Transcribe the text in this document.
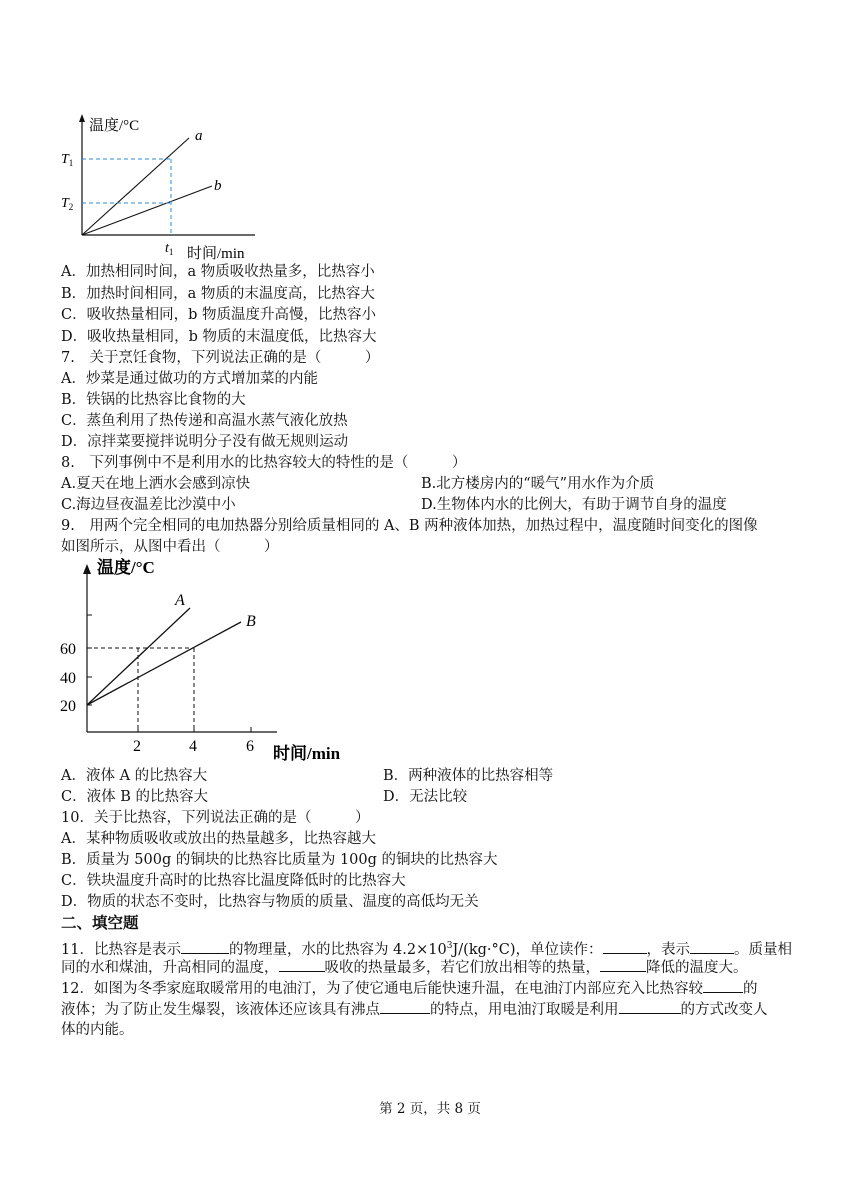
温度/°C
时间/min
a
b
$T_1$
$T_2$
$t_1$
A．加热相同时间，a 物质吸收热量多，比热容小
B．加热时间相同，a 物质的末温度高，比热容大
C．吸收热量相同，b 物质温度升高慢，比热容小
D．吸收热量相同，b 物质的末温度低，比热容大
7.　关于烹饪食物，下列说法正确的是（　　　）
A．炒菜是通过做功的方式增加菜的内能
B．铁锅的比热容比食物的大
C．蒸鱼利用了热传递和高温水蒸气液化放热
D．凉拌菜要搅拌说明分子没有做无规则运动
8.　下列事例中不是利用水的比热容较大的特性的是（　　　）
A.夏天在地上洒水会感到凉快	B.北方楼房内的“暖气”用水作为介质
C.海边昼夜温差比沙漠中小	D.生物体内水的比例大，有助于调节自身的温度
9.　用两个完全相同的电加热器分别给质量相同的 A、B 两种液体加热，加热过程中，温度随时间变化的图像
如图所示，从图中看出（　　　）
温度/°C
时间/min
20
40
60
2	4	6
A
B
A．液体 A 的比热容大	B．两种液体的比热容相等
C．液体 B 的比热容大	D．无法比较
10．关于比热容，下列说法正确的是（　　　）
A．某种物质吸收或放出的热量越多，比热容越大
B．质量为 500g 的铜块的比热容比质量为 100g 的铜块的比热容大
C．铁块温度升高时的比热容比温度降低时的比热容大
D．物质的状态不变时，比热容与物质的质量、温度的高低均无关
二、填空题
11．比热容是表示	的物理量，水的比热容为 $4.2\times 10^3J/(kg\cdot^\circ C)$，单位读作：	，表示	。质量相
同的水和煤油，升高相同的温度，	吸收的热量最多，若它们放出相等的热量，	降低的温度大。
12．如图为冬季家庭取暖常用的电油汀，为了使它通电后能快速升温，在电油汀内部应充入比热容较	的
液体；为了防止发生爆裂，该液体还应该具有沸点	的特点，用电油汀取暖是利用	的方式改变人
体的内能。
第 2 页，共 8 页
